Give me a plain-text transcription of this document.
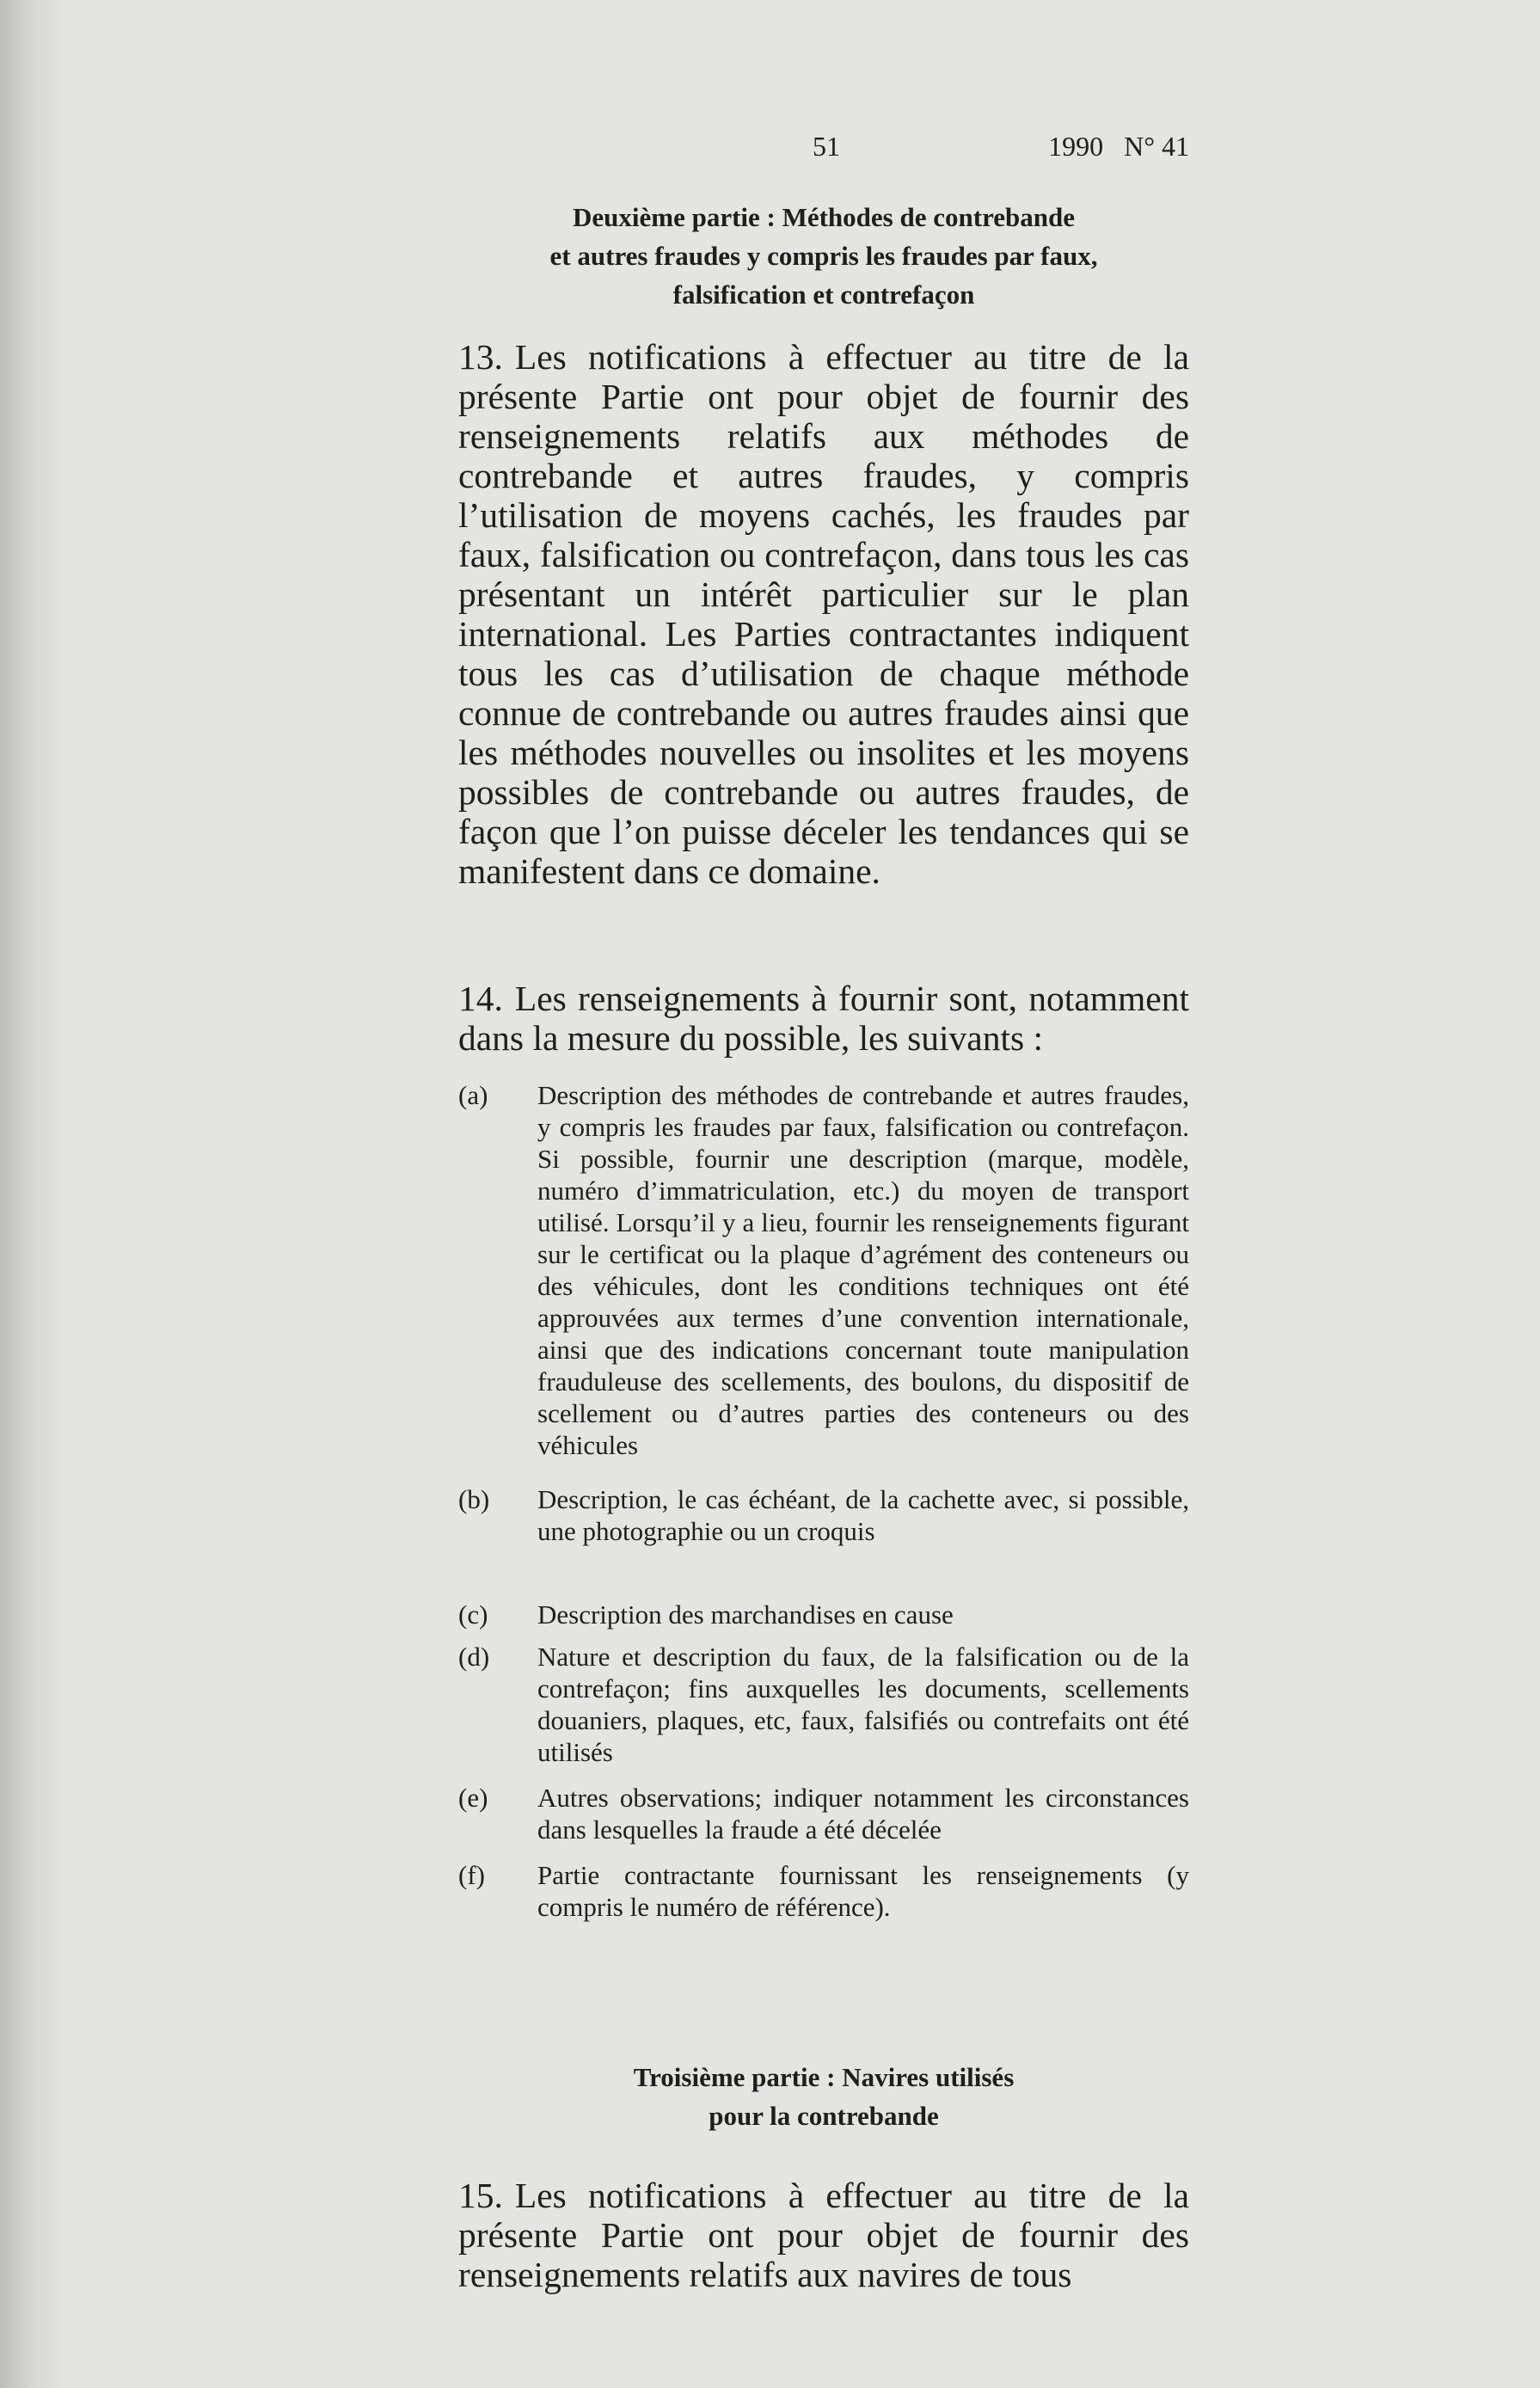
51	1990   N° 41
Deuxième partie : Méthodes de contrebande
et autres fraudes y compris les fraudes par faux,
falsification et contrefaçon

13. Les notifications à effectuer au titre de la présente Partie ont pour objet de fournir des renseignements relatifs aux méthodes de contrebande et autres fraudes, y compris l’utilisation de moyens cachés, les fraudes par faux, falsification ou contrefaçon, dans tous les cas présentant un intérêt particulier sur le plan international. Les Parties contractantes indiquent tous les cas d’utilisation de chaque méthode connue de contrebande ou autres fraudes ainsi que les méthodes nouvelles ou insolites et les moyens possibles de contrebande ou autres fraudes, de façon que l’on puisse déceler les tendances qui se manifestent dans ce domaine.

14. Les renseignements à fournir sont, notamment dans la mesure du possible, les suivants :

(a)	Description des méthodes de contrebande et autres fraudes, y compris les fraudes par faux, falsification ou contrefaçon. Si possible, fournir une description (marque, modèle, numéro d’immatriculation, etc.) du moyen de transport utilisé. Lorsqu’il y a lieu, fournir les renseignements figurant sur le certificat ou la plaque d’agrément des conteneurs ou des véhicules, dont les conditions techniques ont été approuvées aux termes d’une convention internationale, ainsi que des indications concernant toute manipulation frauduleuse des scellements, des boulons, du dispositif de scellement ou d’autres parties des conteneurs ou des véhicules
(b)	Description, le cas échéant, de la cachette avec, si possible, une photographie ou un croquis
(c)	Description des marchandises en cause
(d)	Nature et description du faux, de la falsification ou de la contrefaçon; fins auxquelles les documents, scellements douaniers, plaques, etc, faux, falsifiés ou contrefaits ont été utilisés
(e)	Autres observations; indiquer notamment les circonstances dans lesquelles la fraude a été décelée
(f)	Partie contractante fournissant les renseignements (y compris le numéro de référence).
Troisième partie : Navires utilisés
pour la contrebande

15. Les notifications à effectuer au titre de la présente Partie ont pour objet de fournir des renseignements relatifs aux navires de tous
